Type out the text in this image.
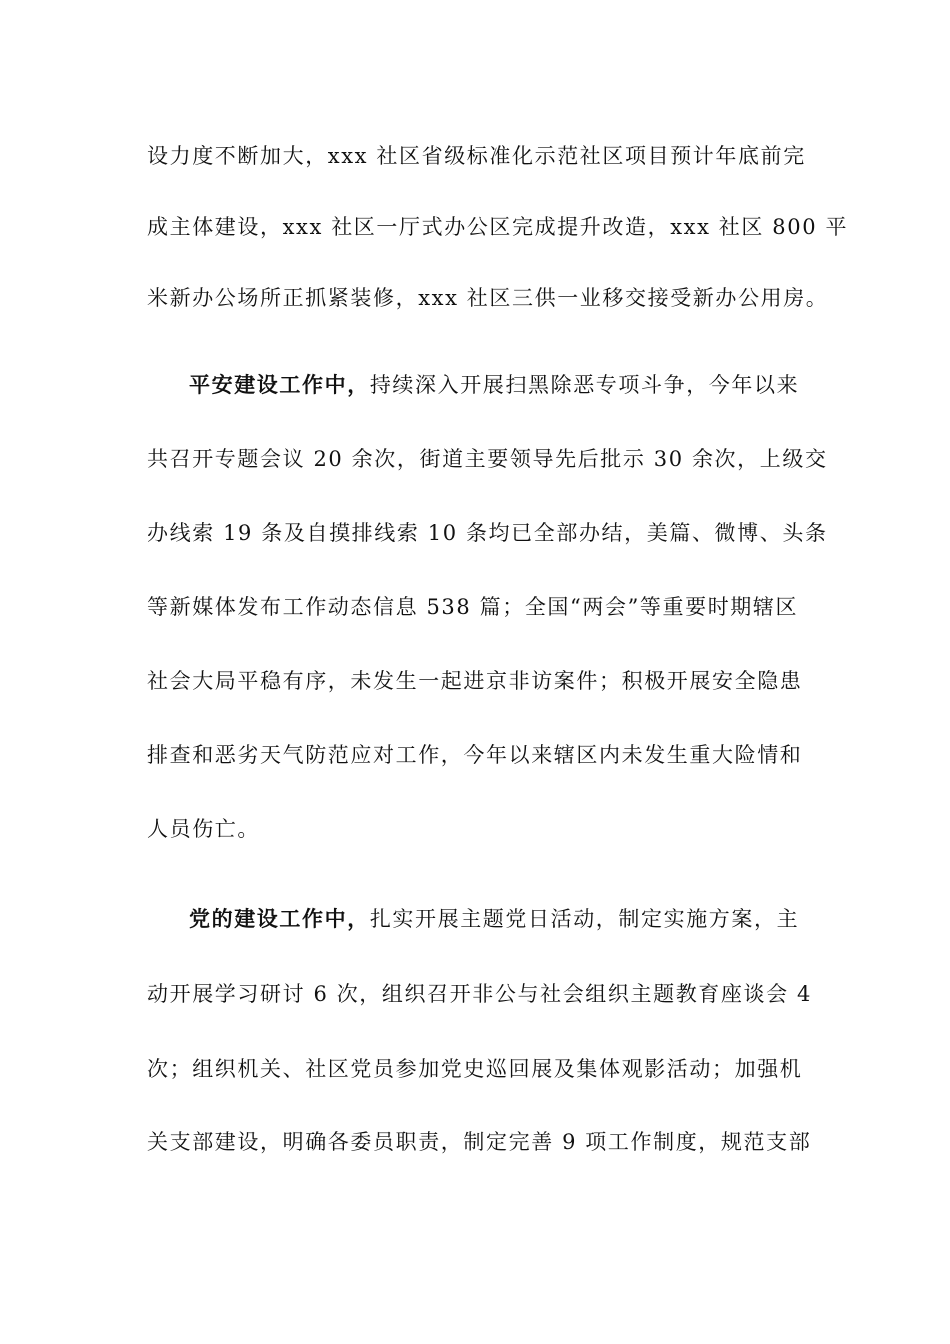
设力度不断加大，xxx 社区省级标准化示范社区项目预计年底前完
成主体建设，xxx 社区一厅式办公区完成提升改造，xxx 社区 800 平
米新办公场所正抓紧装修，xxx 社区三供一业移交接受新办公用房。
平安建设工作中，持续深入开展扫黑除恶专项斗争，今年以来
共召开专题会议 20 余次，街道主要领导先后批示 30 余次，上级交
办线索 19 条及自摸排线索 10 条均已全部办结，美篇、微博、头条
等新媒体发布工作动态信息 538 篇；全国“两会”等重要时期辖区
社会大局平稳有序，未发生一起进京非访案件；积极开展安全隐患
排查和恶劣天气防范应对工作，今年以来辖区内未发生重大险情和
人员伤亡。
党的建设工作中，扎实开展主题党日活动，制定实施方案，主
动开展学习研讨 6 次，组织召开非公与社会组织主题教育座谈会 4
次；组织机关、社区党员参加党史巡回展及集体观影活动；加强机
关支部建设，明确各委员职责，制定完善 9 项工作制度，规范支部
